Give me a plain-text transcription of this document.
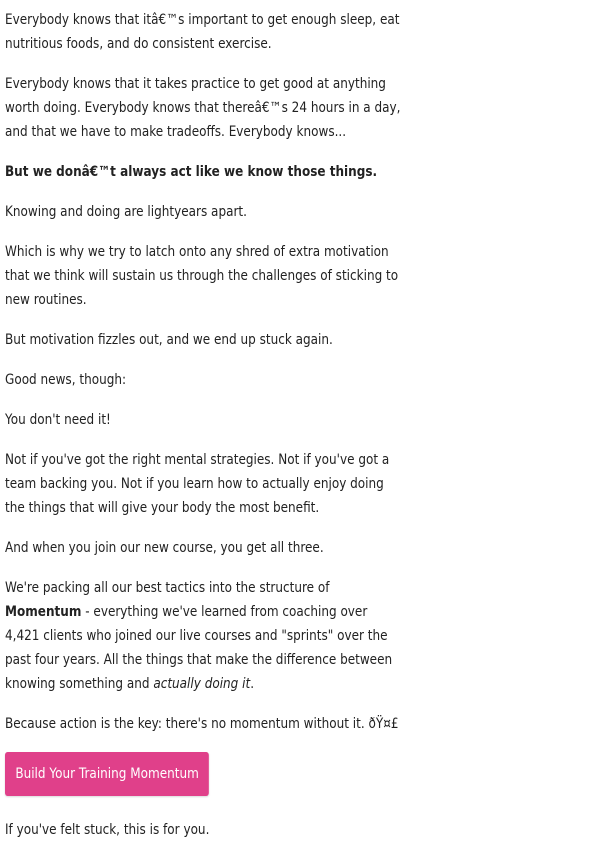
Everybody knows that itâ€™s important to get enough sleep, eat nutritious foods, and do consistent exercise.

Everybody knows that it takes practice to get good at anything worth doing. Everybody knows that thereâ€™s 24 hours in a day, and that we have to make tradeoffs. Everybody knows...

But we donâ€™t always act like we know those things.

Knowing and doing are lightyears apart.

Which is why we try to latch onto any shred of extra motivation that we think will sustain us through the challenges of sticking to new routines.

But motivation fizzles out, and we end up stuck again.

Good news, though:

You don't need it!

Not if you've got the right mental strategies. Not if you've got a team backing you. Not if you learn how to actually enjoy doing the things that will give your body the most benefit.

And when you join our new course, you get all three.

We're packing all our best tactics into the structure of Momentum - everything we've learned from coaching over 4,421 clients who joined our live courses and "sprints" over the past four years. All the things that make the difference between knowing something and actually doing it.

Because action is the key: there's no momentum without it. ðŸ¤£

Build Your Training Momentum

If you've felt stuck, this is for you.
